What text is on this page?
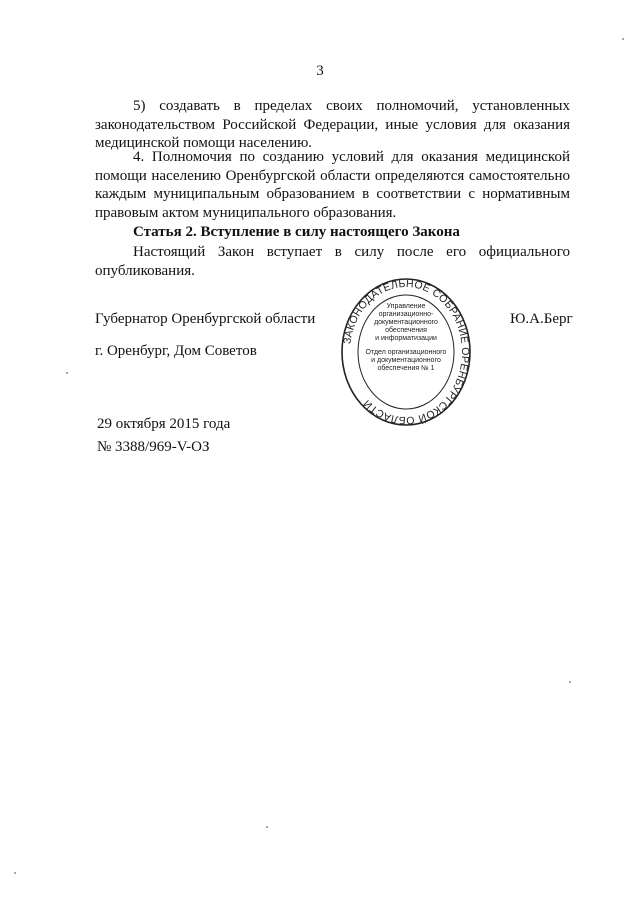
3

5) создавать в пределах своих полномочий, установленных законодательством Российской Федерации, иные условия для оказания медицинской помощи населению.

4. Полномочия по созданию условий для оказания медицинской помощи населению Оренбургской области определяются самостоятельно каждым муниципальным образованием в соответствии с нормативным правовым актом муниципального образования.

Статья 2. Вступление в силу настоящего Закона

Настоящий Закон вступает в силу после его официального опубликования.

Губернатор Оренбургской области	Ю.А.Берг
г. Оренбург, Дом Советов
29 октября 2015 года
№ 3388/969-V-ОЗ
ЗАКОНОДАТЕЛЬНОЕ СОБРАНИЕ ОРЕНБУРГСКОЙ ОБЛАСТИ
Управление
организационно-
документационного
обеспечения
и информатизации
Отдел организационного
и документационного
обеспечения № 1
